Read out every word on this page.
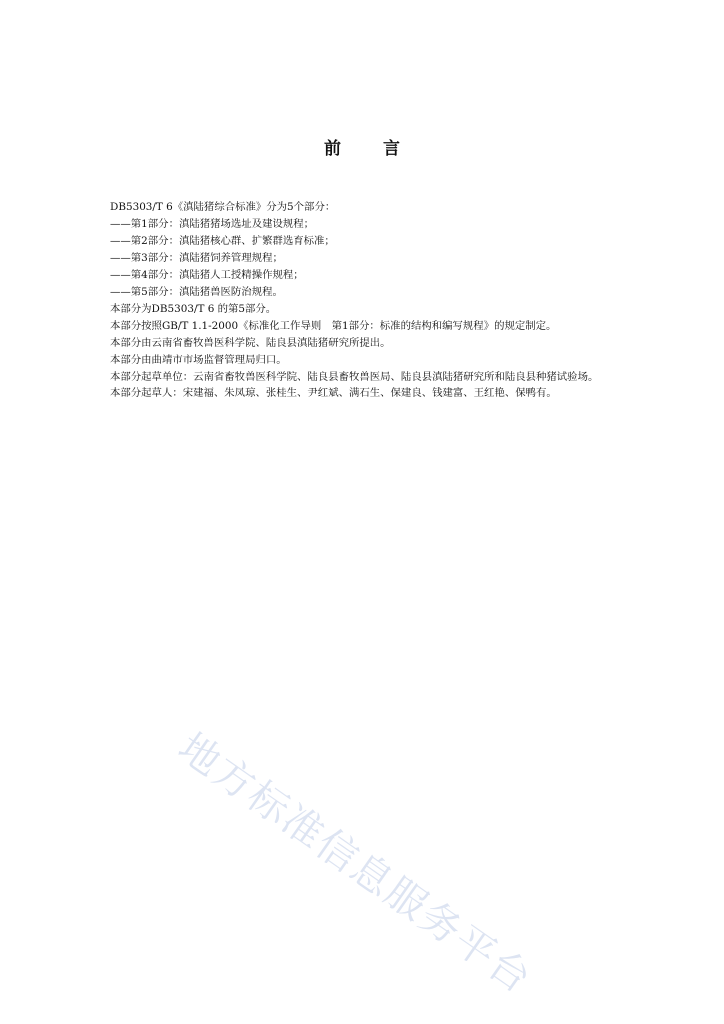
前 言

DB5303/T 6《滇陆猪综合标准》分为5个部分：

——第1部分：滇陆猪猪场选址及建设规程；

——第2部分：滇陆猪核心群、扩繁群选育标准；

——第3部分：滇陆猪饲养管理规程；

——第4部分：滇陆猪人工授精操作规程；

——第5部分：滇陆猪兽医防治规程。

本部分为DB5303/T 6 的第5部分。

本部分按照GB/T 1.1-2000《标准化工作导则　第1部分：标准的结构和编写规程》的规定制定。

本部分由云南省畜牧兽医科学院、陆良县滇陆猪研究所提出。

本部分由曲靖市市场监督管理局归口。

本部分起草单位：云南省畜牧兽医科学院、陆良县畜牧兽医局、陆良县滇陆猪研究所和陆良县种猪试验场。

本部分起草人：宋建福、朱凤琼、张桂生、尹红斌、满石生、保建良、钱建富、王红艳、保鸭有。

地方标准信息服务平台
